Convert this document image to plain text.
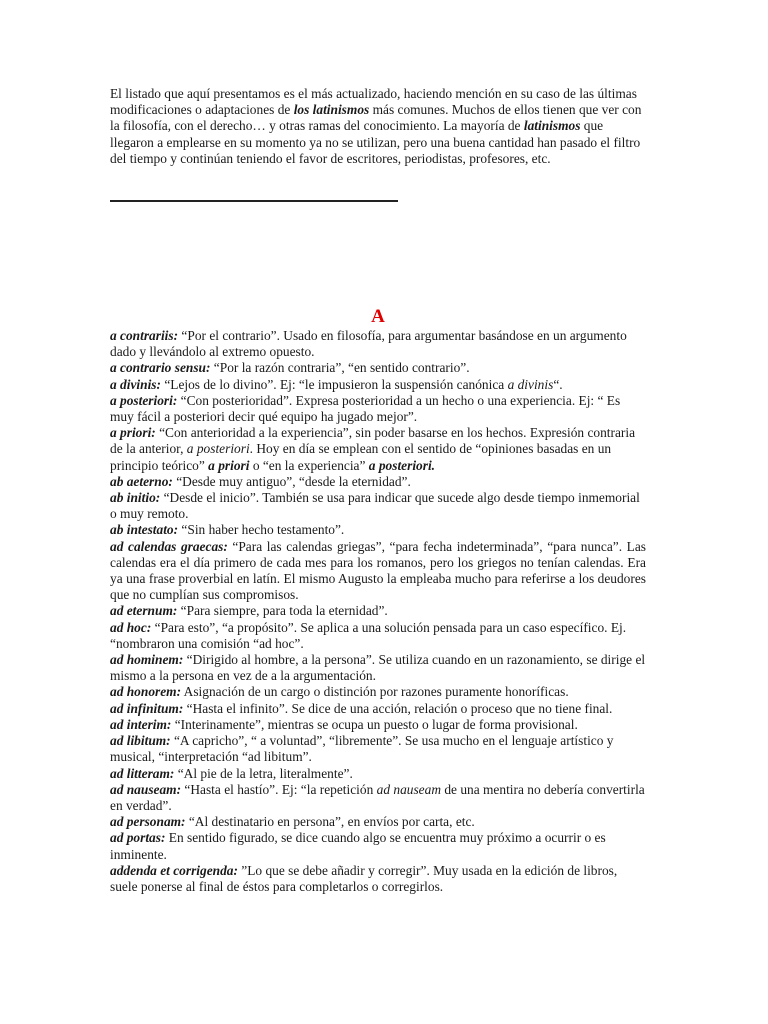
El listado que aquí presentamos es el más actualizado, haciendo mención en su caso de las últimas modificaciones o adaptaciones de los latinismos más comunes. Muchos de ellos tienen que ver con la filosofía, con el derecho… y otras ramas del conocimiento. La mayoría de latinismos que llegaron a emplearse en su momento ya no se utilizan, pero una buena cantidad han pasado el filtro del tiempo y continúan teniendo el favor de escritores, periodistas, profesores, etc.

A

a contrariis: “Por el contrario”. Usado en filosofía, para argumentar basándose en un argumento dado y llevándolo al extremo opuesto.

a contrario sensu: “Por la razón contraria”, “en sentido contrario”.

a divinis: “Lejos de lo divino”. Ej: “le impusieron la suspensión canónica a divinis“.

a posteriori: “Con posterioridad”. Expresa posterioridad a un hecho o una experiencia. Ej: “ Es muy fácil a posteriori decir qué equipo ha jugado mejor”.

a priori: “Con anterioridad a la experiencia”, sin poder basarse en los hechos. Expresión contraria de la anterior, a posteriori. Hoy en día se emplean con el sentido de “opiniones basadas en un principio teórico” a priori o “en la experiencia” a posteriori.

ab aeterno: “Desde muy antiguo”, “desde la eternidad”.

ab initio: “Desde el inicio”. También se usa para indicar que sucede algo desde tiempo inmemorial o muy remoto.

ab intestato: “Sin haber hecho testamento”.

ad calendas graecas: “Para las calendas griegas”, “para fecha indeterminada”, “para nunca”. Las calendas era el día primero de cada mes para los romanos, pero los griegos no tenían calendas. Era ya una frase proverbial en latín. El mismo Augusto la empleaba mucho para referirse a los deudores que no cumplían sus compromisos.

ad eternum: “Para siempre, para toda la eternidad”.

ad hoc: “Para esto”, “a propósito”. Se aplica a una solución pensada para un caso específico. Ej. “nombraron una comisión “ad hoc”.

ad hominem: “Dirigido al hombre, a la persona”. Se utiliza cuando en un razonamiento, se dirige el mismo a la persona en vez de a la argumentación.

ad honorem: Asignación de un cargo o distinción por razones puramente honoríficas.

ad infinitum: “Hasta el infinito”. Se dice de una acción, relación o proceso que no tiene final.

ad interim: “Interinamente”, mientras se ocupa un puesto o lugar de forma provisional.

ad libitum: “A capricho”, “ a voluntad”, “libremente”. Se usa mucho en el lenguaje artístico y musical, “interpretación “ad libitum”.

ad litteram: “Al pie de la letra, literalmente”.

ad nauseam: “Hasta el hastío”. Ej: “la repetición ad nauseam de una mentira no debería convertirla en verdad”.

ad personam: “Al destinatario en persona”, en envíos por carta, etc.

ad portas: En sentido figurado, se dice cuando algo se encuentra muy próximo a ocurrir o es inminente.

addenda et corrigenda: ”Lo que se debe añadir y corregir”. Muy usada en la edición de libros, suele ponerse al final de éstos para completarlos o corregirlos.
